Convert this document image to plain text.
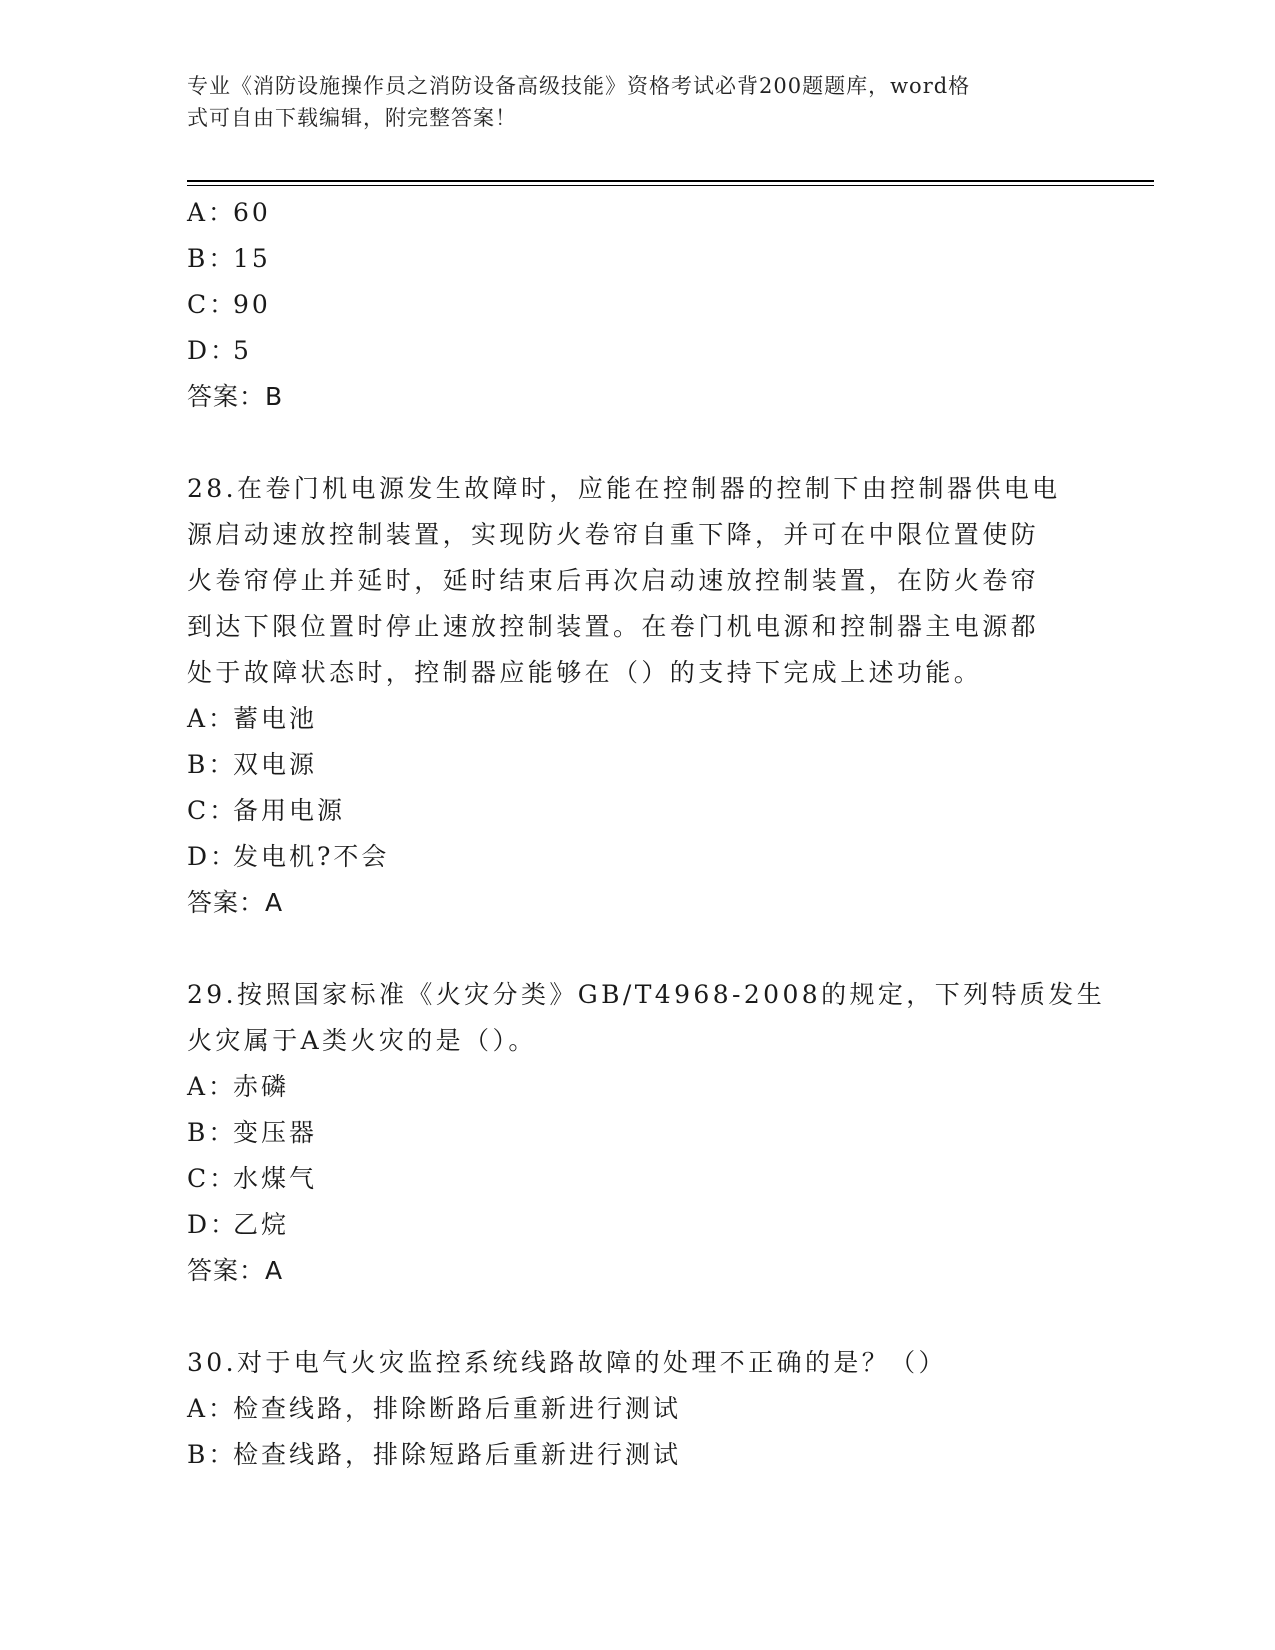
专业《消防设施操作员之消防设备高级技能》资格考试必背200题题库，word格
式可自由下载编辑，附完整答案！
A：60
B：15
C：90
D：5
答案：B
28.在卷门机电源发生故障时，应能在控制器的控制下由控制器供电电
源启动速放控制装置，实现防火卷帘自重下降，并可在中限位置使防
火卷帘停止并延时，延时结束后再次启动速放控制装置，在防火卷帘
到达下限位置时停止速放控制装置。在卷门机电源和控制器主电源都
处于故障状态时，控制器应能够在（）的支持下完成上述功能。
A：蓄电池
B：双电源
C：备用电源
D：发电机?不会
答案：A
29.按照国家标准《火灾分类》GB/T4968-2008的规定，下列特质发生
火灾属于A类火灾的是（）。
A：赤磷
B：变压器
C：水煤气
D：乙烷
答案：A
30.对于电气火灾监控系统线路故障的处理不正确的是？（）
A：检查线路，排除断路后重新进行测试
B：检查线路，排除短路后重新进行测试
